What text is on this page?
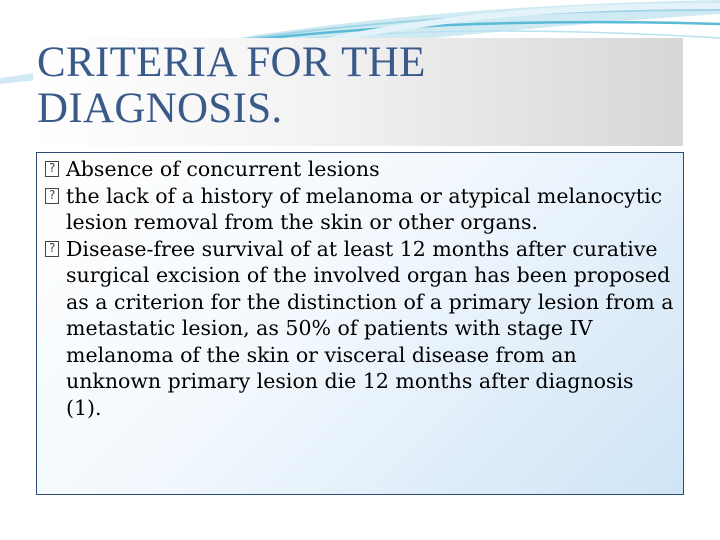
CRITERIA FOR THE
DIAGNOSIS.
?
Absence of concurrent lesions
?
the lack of a history of melanoma or atypical melanocytic lesion removal from the skin or other organs.
?
Disease-free survival of at least 12 months after curative surgical excision of the involved organ has been proposed as a criterion for the distinction of a primary lesion from a metastatic lesion, as 50% of patients with stage IV melanoma of the skin or visceral disease from an unknown primary lesion die 12 months after diagnosis (1).
